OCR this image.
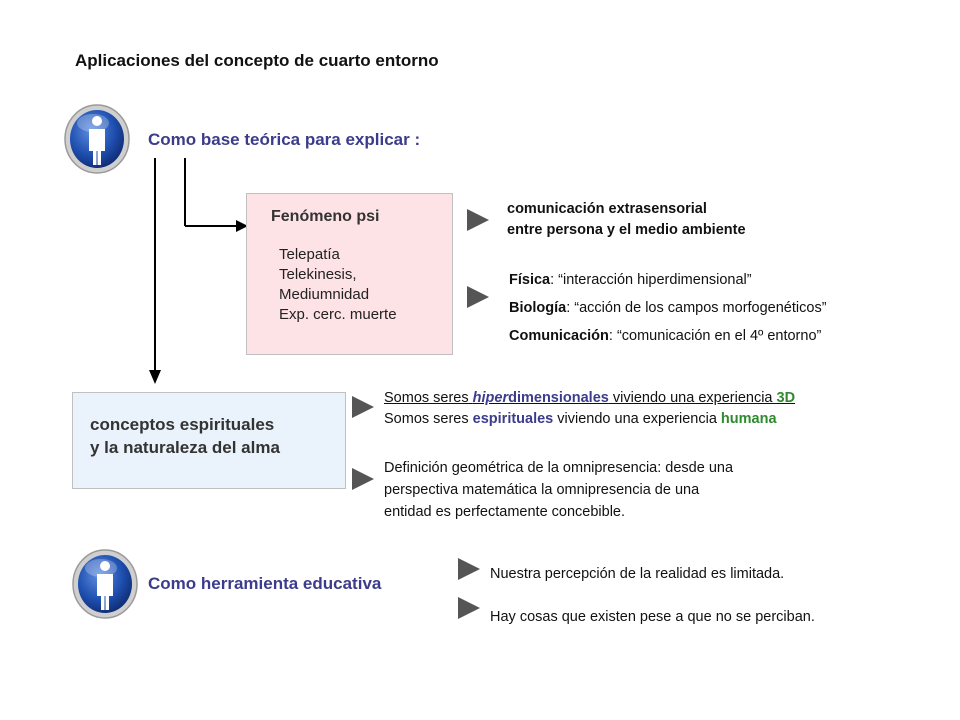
Aplicaciones del concepto de cuarto entorno
Como base teórica para explicar :
Fenómeno psi
Telepatía
Telekinesis,
Mediumnidad
Exp. cerc. muerte
comunicación extrasensorial
entre persona y el medio ambiente
Física: “interacción hiperdimensional”
Biología: “acción de los campos morfogenéticos”
Comunicación: “comunicación en el 4º entorno”
conceptos espirituales
y la naturaleza del alma
Somos seres hiperdimensionales viviendo una experiencia 3D
Somos seres espirituales viviendo una experiencia humana
Definición geométrica de la omnipresencia: desde una
perspectiva matemática la omnipresencia de una
entidad es perfectamente concebible.
Como herramienta educativa	Nuestra percepción de la realidad es limitada.
Hay cosas que existen pese a que no se perciban.
